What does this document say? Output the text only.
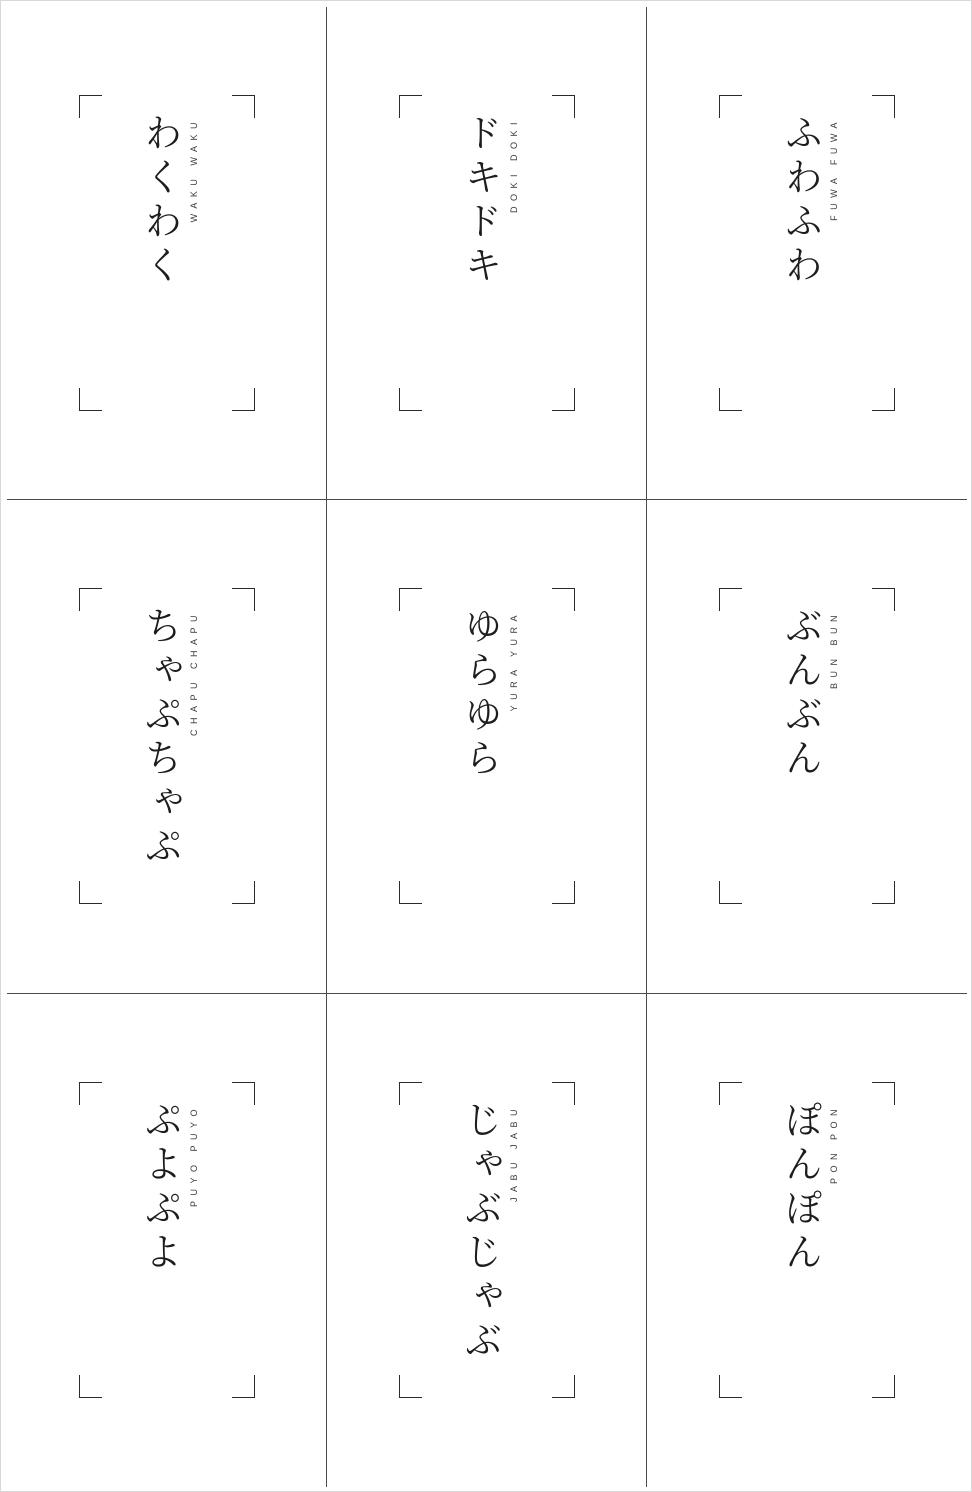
わくわく WAKU WAKU	ドキドキ DOKI DOKI	ふわふわ FUWA FUWA
ちゃぷちゃぷ CHAPU CHAPU	ゆらゆら YURA YURA	ぶんぶん BUN BUN
ぷよぷよ PUYO PUYO	じゃぶじゃぶ JABU JABU	ぽんぽん PON PON
